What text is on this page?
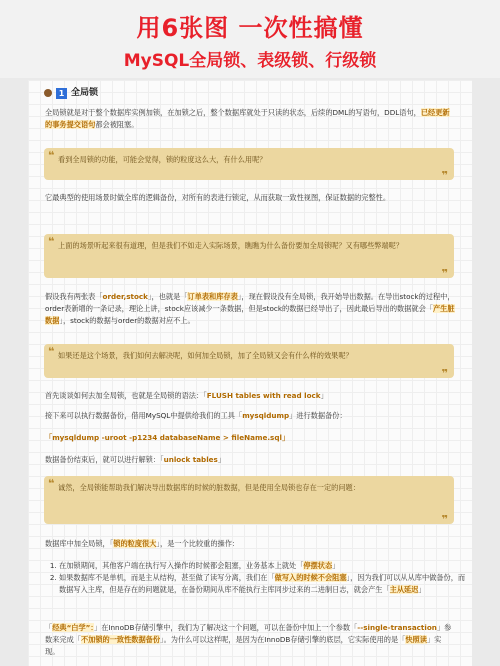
用6张图 一次性搞懂
MySQL全局锁、表级锁、行级锁
1 全局锁

全局锁就是对于整个数据库实例加锁，在加锁之后，整个数据库就处于只读的状态，后续的DML的写语句，DDL语句，已经更新的事务提交语句都会被阻塞。

❝ 看到全局锁的功能，可能会觉得，锁的粒度这么大，有什么用呢？
❞

它最典型的使用场景时做全库的逻辑备份，对所有的表进行锁定，从而获取一致性视图，保证数据的完整性。

❝ 上面的场景听起来很有道理，但是我们不如走入实际场景，瞧瞧为什么备份要加全局锁呢？又有哪些弊端呢？
❞

假设我有两张表「order,stock」，也就是「订单表和库存表」，现在假设没有全局锁，我开始导出数据。在导出stock的过程中，order表新增的一条记录，理论上讲，stock应该减少一条数据，但是stock的数据已经导出了，因此最后导出的数据就会「产生脏数据」，stock的数据与order的数据对应不上。

❝ 如果还是这个场景，我们如何去解决呢，如何加全局锁，加了全局锁又会有什么样的效果呢？
❞

首先谈谈如何去加全局锁，也就是全局锁的语法：「FLUSH tables with read lock」

接下来可以执行数据备份，借用MySQL中提供给我们的工具「mysqldump」进行数据备份：

「mysqldump -uroot -p1234 databaseName > fileName.sql」

数据备份结束后，就可以进行解锁：「unlock tables」

❝ 诚然，全局锁能帮助我们解决导出数据库的时候的脏数据，但是使用全局锁也存在一定的问题：
❞

数据库中加全局锁，「锁的粒度很大」，是一个比较重的操作：

1. 在加锁期间，其他客户端在执行写入操作的时候都会阻塞，业务基本上就处「停摆状态」
2. 如果数据库不是单机，而是主从结构，甚至做了读写分离，我们在「做写入的时候不会阻塞」，因为我们可以从从库中做备份，而数据写入主库，但是存在的问题就是，在备份期间从库不能执行主库同步过来的二进制日志，就会产生「主从延迟」

「经典“白学”：」在InnoDB存储引擎中，我们为了解决这一个问题，可以在备份中加上一个参数「--single-transaction」参数来完成「不加锁的一致性数据备份」。为什么可以这样呢，是因为在InnoDB存储引擎的底层，它实际使用的是「快照读」实现。
